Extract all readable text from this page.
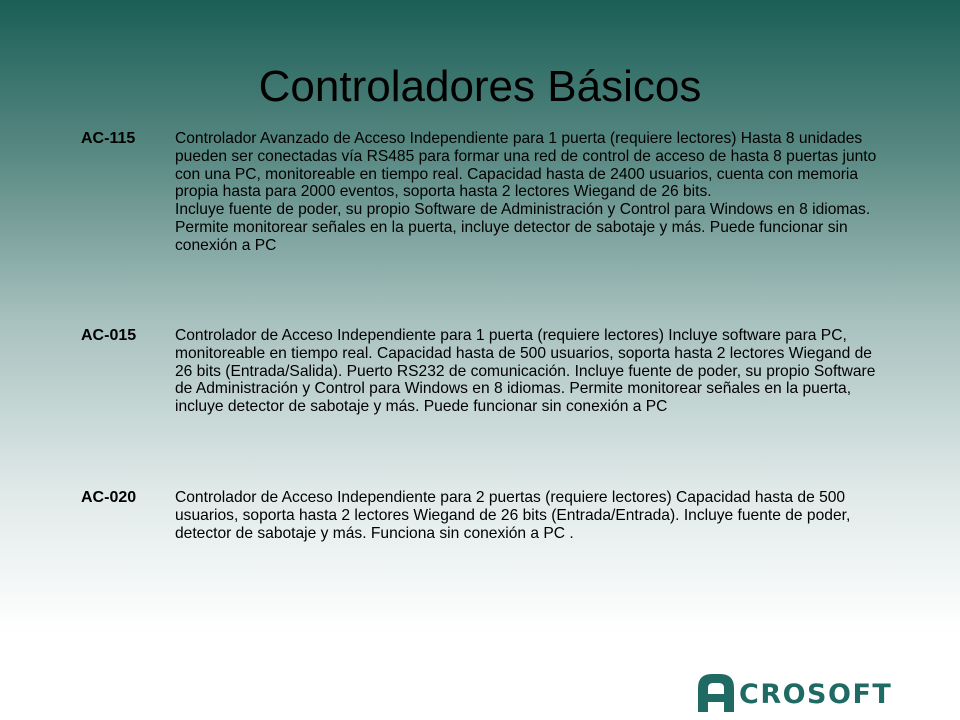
Controladores Básicos
AC-115	Controlador Avanzado de Acceso Independiente para 1 puerta (requiere lectores) Hasta 8 unidades pueden ser conectadas vía RS485 para formar una red de control de acceso de hasta 8 puertas junto con una PC, monitoreable en tiempo real. Capacidad hasta de 2400 usuarios, cuenta con memoria propia hasta para 2000 eventos, soporta hasta 2 lectores Wiegand de 26 bits.

Incluye fuente de poder, su propio Software de Administración y Control para Windows en 8 idiomas. Permite monitorear señales en la puerta, incluye detector de sabotaje y más. Puede funcionar sin conexión a PC

AC-015 Controlador de Acceso Independiente para 1 puerta (requiere lectores) Incluye software para PC, monitoreable en tiempo real. Capacidad hasta de 500 usuarios, soporta hasta 2 lectores Wiegand de 26 bits (Entrada/Salida). Puerto RS232 de comunicación. Incluye fuente de poder, su propio Software de Administración y Control para Windows en 8 idiomas. Permite monitorear señales en la puerta, incluye detector de sabotaje y más. Puede funcionar sin conexión a PC

AC-020 Controlador de Acceso Independiente para 2 puertas (requiere lectores) Capacidad hasta de 500 usuarios, soporta hasta 2 lectores Wiegand de 26 bits (Entrada/Entrada). Incluye fuente de poder, detector de sabotaje y más. Funciona sin conexión a PC .

CROSOFT
